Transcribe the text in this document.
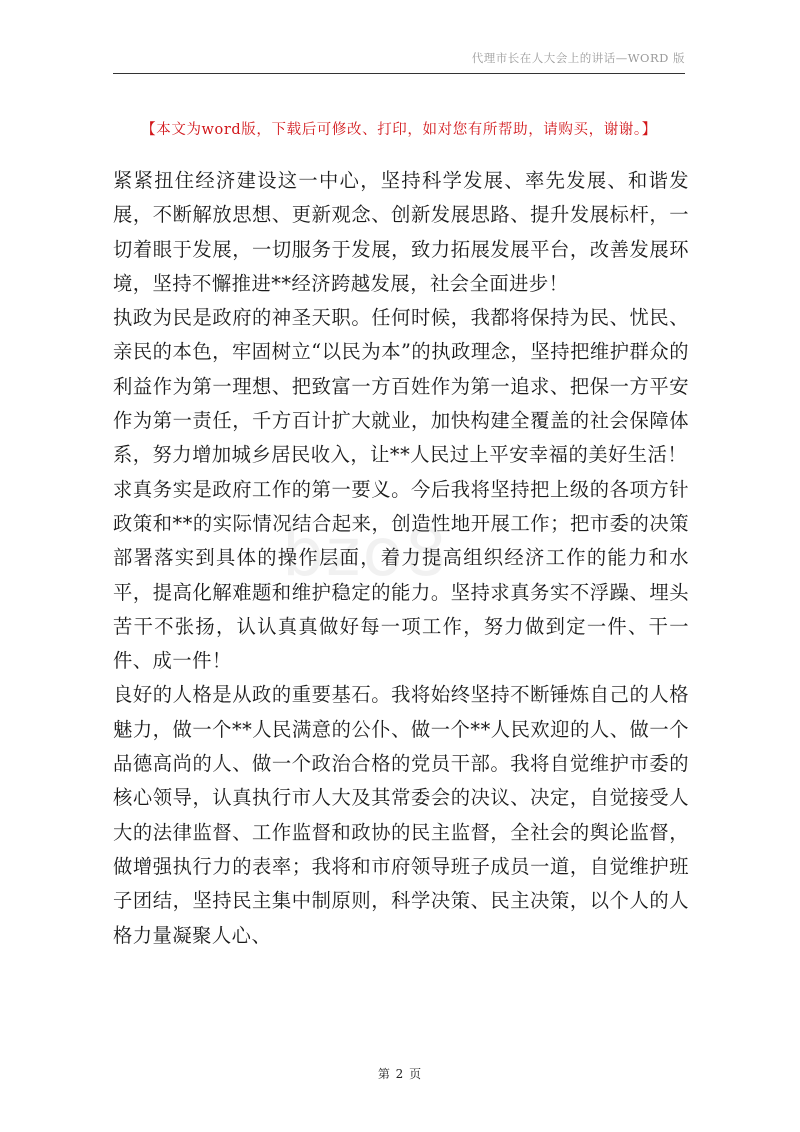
代理市长在人大会上的讲话—WORD 版
【本文为word版，下载后可修改、打印，如对您有所帮助，请购买，谢谢。】
bzo8

紧紧扭住经济建设这一中心，坚持科学发展、率先发展、和谐发展，不断解放思想、更新观念、创新发展思路、提升发展标杆，一切着眼于发展，一切服务于发展，致力拓展发展平台，改善发展环境，坚持不懈推进**经济跨越发展，社会全面进步！

执政为民是政府的神圣天职。任何时候，我都将保持为民、忧民、亲民的本色，牢固树立“以民为本”的执政理念，坚持把维护群众的利益作为第一理想、把致富一方百姓作为第一追求、把保一方平安作为第一责任，千方百计扩大就业，加快构建全覆盖的社会保障体系，努力增加城乡居民收入，让**人民过上平安幸福的美好生活！

求真务实是政府工作的第一要义。今后我将坚持把上级的各项方针政策和**的实际情况结合起来，创造性地开展工作；把市委的决策部署落实到具体的操作层面，着力提高组织经济工作的能力和水平，提高化解难题和维护稳定的能力。坚持求真务实不浮躁、埋头苦干不张扬，认认真真做好每一项工作，努力做到定一件、干一件、成一件！

良好的人格是从政的重要基石。我将始终坚持不断锤炼自己的人格魅力，做一个**人民满意的公仆、做一个**人民欢迎的人、做一个品德高尚的人、做一个政治合格的党员干部。我将自觉维护市委的核心领导，认真执行市人大及其常委会的决议、决定，自觉接受人大的法律监督、工作监督和政协的民主监督，全社会的舆论监督，做增强执行力的表率；我将和市府领导班子成员一道，自觉维护班子团结，坚持民主集中制原则，科学决策、民主决策，以个人的人格力量凝聚人心、

第 2 页
